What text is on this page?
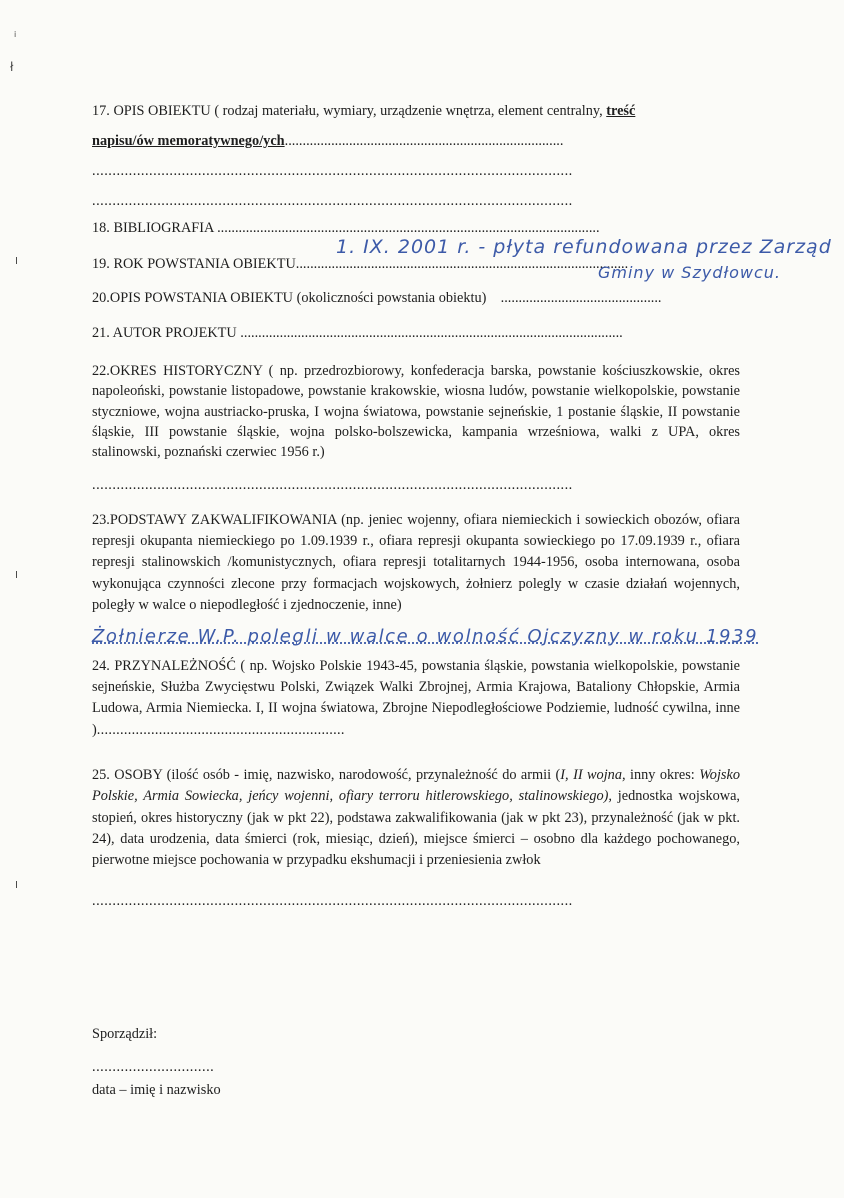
i
ł
I
I
I
17. OPIS OBIEKTU ( rodzaj materiału, wymiary, urządzenie wnętrza, element centralny, treść
napisu/ów memoratywnego/ych..............................................................................
......................................................................................................................
......................................................................................................................
18. BIBLIOGRAFIA ...........................................................................................................
19. ROK POWSTANIA OBIEKTU.............................................................................................
1. IX. 2001 r. - płyta refundowana przez Zarząd
Gminy w Szydłowcu.
20.OPIS POWSTANIA OBIEKTU (okoliczności powstania obiektu) .............................................
21. AUTOR PROJEKTU ...........................................................................................................
22.OKRES HISTORYCZNY ( np. przedrozbiorowy, konfederacja barska, powstanie kościuszkowskie, okres napoleoński, powstanie listopadowe, powstanie krakowskie, wiosna ludów, powstanie wielkopolskie, powstanie styczniowe, wojna austriacko-pruska, I wojna światowa, powstanie sejneńskie, 1 postanie śląskie, II powstanie śląskie, III powstanie śląskie, wojna polsko-bolszewicka, kampania wrześniowa, walki z UPA, okres stalinowski, poznański czerwiec 1956 r.)
......................................................................................................................
23.PODSTAWY ZAKWALIFIKOWANIA (np. jeniec wojenny, ofiara niemieckich i sowieckich obozów, ofiara represji okupanta niemieckiego po 1.09.1939 r., ofiara represji okupanta sowieckiego po 17.09.1939 r., ofiara represji stalinowskich /komunistycznych, ofiara represji totalitarnych 1944-1956, osoba internowana, osoba wykonująca czynności zlecone przy formacjach wojskowych, żołnierz polegly w czasie działań wojennych, poległy w walce o niepodległość i zjednoczenie, inne)
Żołnierze W.P. polegli w walce o wolność Ojczyzny w roku 1939
24. PRZYNALEŻNOŚĆ ( np. Wojsko Polskie 1943-45, powstania śląskie, powstania wielkopolskie, powstanie sejneńskie, Służba Zwycięstwu Polski, Związek Walki Zbrojnej, Armia Krajowa, Bataliony Chłopskie, Armia Ludowa, Armia Niemiecka. I, II wojna światowa, Zbrojne Niepodległościowe Podziemie, ludność cywilna, inne )................................................................
25. OSOBY (ilość osób - imię, nazwisko, narodowość, przynależność do armii (I, II wojna, inny okres: Wojsko Polskie, Armia Sowiecka, jeńcy wojenni, ofiary terroru hitlerowskiego, stalinowskiego), jednostka wojskowa, stopień, okres historyczny (jak w pkt 22), podstawa zakwalifikowania (jak w pkt 23), przynależność (jak w pkt. 24), data urodzenia, data śmierci (rok, miesiąc, dzień), miejsce śmierci – osobno dla każdego pochowanego, pierwotne miejsce pochowania w przypadku ekshumacji i przeniesienia zwłok
......................................................................................................................
Sporządził:
..............................
data – imię i nazwisko
